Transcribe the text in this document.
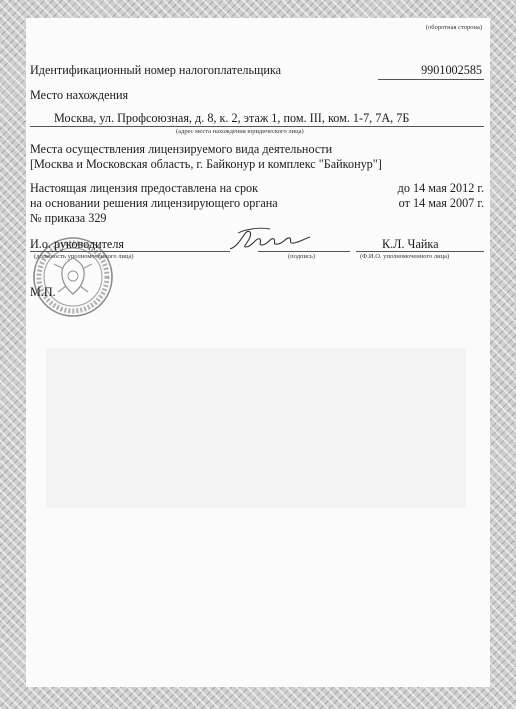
(оборотная сторона)
Идентификационный номер налогоплательщика	9901002585
Место нахождения
Москва, ул. Профсоюзная, д. 8, к. 2, этаж 1, пом. III, ком. 1-7, 7А, 7Б
(адрес места нахождения юридического лица)
Места осуществления лицензируемого вида деятельности
[Москва и Московская область, г. Байконур и комплекс "Байконур"]
Настоящая лицензия предоставлена на срок	до 14 мая 2012 г.
на основании решения лицензирующего органа	от 14 мая 2007 г.
№ приказа 329
И.о. руководителя
(должность уполномоченного лица)	(подпись)
К.Л. Чайка
(Ф.И.О. уполномоченного лица)
М.П.
